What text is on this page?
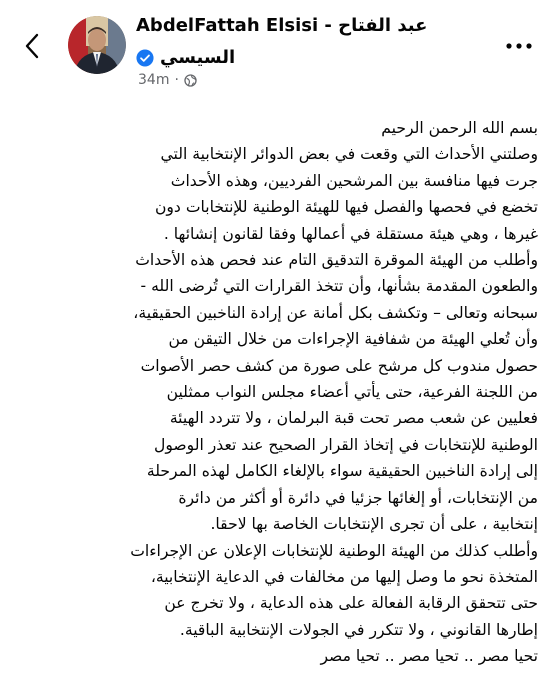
AbdelFattah Elsisi - عبد الفتاح
السيسي
34m ·

بسم الله الرحمن الرحيم

وصلتني الأحداث التي وقعت في بعض الدوائر الإنتخابية التي

جرت فيها منافسة بين المرشحين الفرديين، وهذه الأحداث

تخضع في فحصها والفصل فيها للهيئة الوطنية للإنتخابات دون

غيرها ، وهي هيئة مستقلة في أعمالها وفقا لقانون إنشائها .

وأطلب من الهيئة الموقرة التدقيق التام عند فحص هذه الأحداث

والطعون المقدمة بشأنها، وأن تتخذ القرارات التي تُرضى الله -

سبحانه وتعالى – وتكشف بكل أمانة عن إرادة الناخبين الحقيقية،

وأن تُعلي الهيئة من شفافية الإجراءات من خلال التيقن من

حصول مندوب كل مرشح على صورة من كشف حصر الأصوات

من اللجنة الفرعية، حتى يأتي أعضاء مجلس النواب ممثلين

فعليين عن شعب مصر تحت قبة البرلمان ، ولا تتردد الهيئة

الوطنية للإنتخابات في إتخاذ القرار الصحيح عند تعذر الوصول

إلى إرادة الناخبين الحقيقية سواء بالإلغاء الكامل لهذه المرحلة

من الإنتخابات، أو إلغائها جزئيا في دائرة أو أكثر من دائرة

إنتخابية ، على أن تجرى الإنتخابات الخاصة بها لاحقا.

وأطلب كذلك من الهيئة الوطنية للإنتخابات الإعلان عن الإجراءات

المتخذة نحو ما وصل إليها من مخالفات في الدعاية الإنتخابية،

حتى تتحقق الرقابة الفعالة على هذه الدعاية ، ولا تخرج عن

إطارها القانوني ، ولا تتكرر في الجولات الإنتخابية الباقية.

تحيا مصر .. تحيا مصر .. تحيا مصر
